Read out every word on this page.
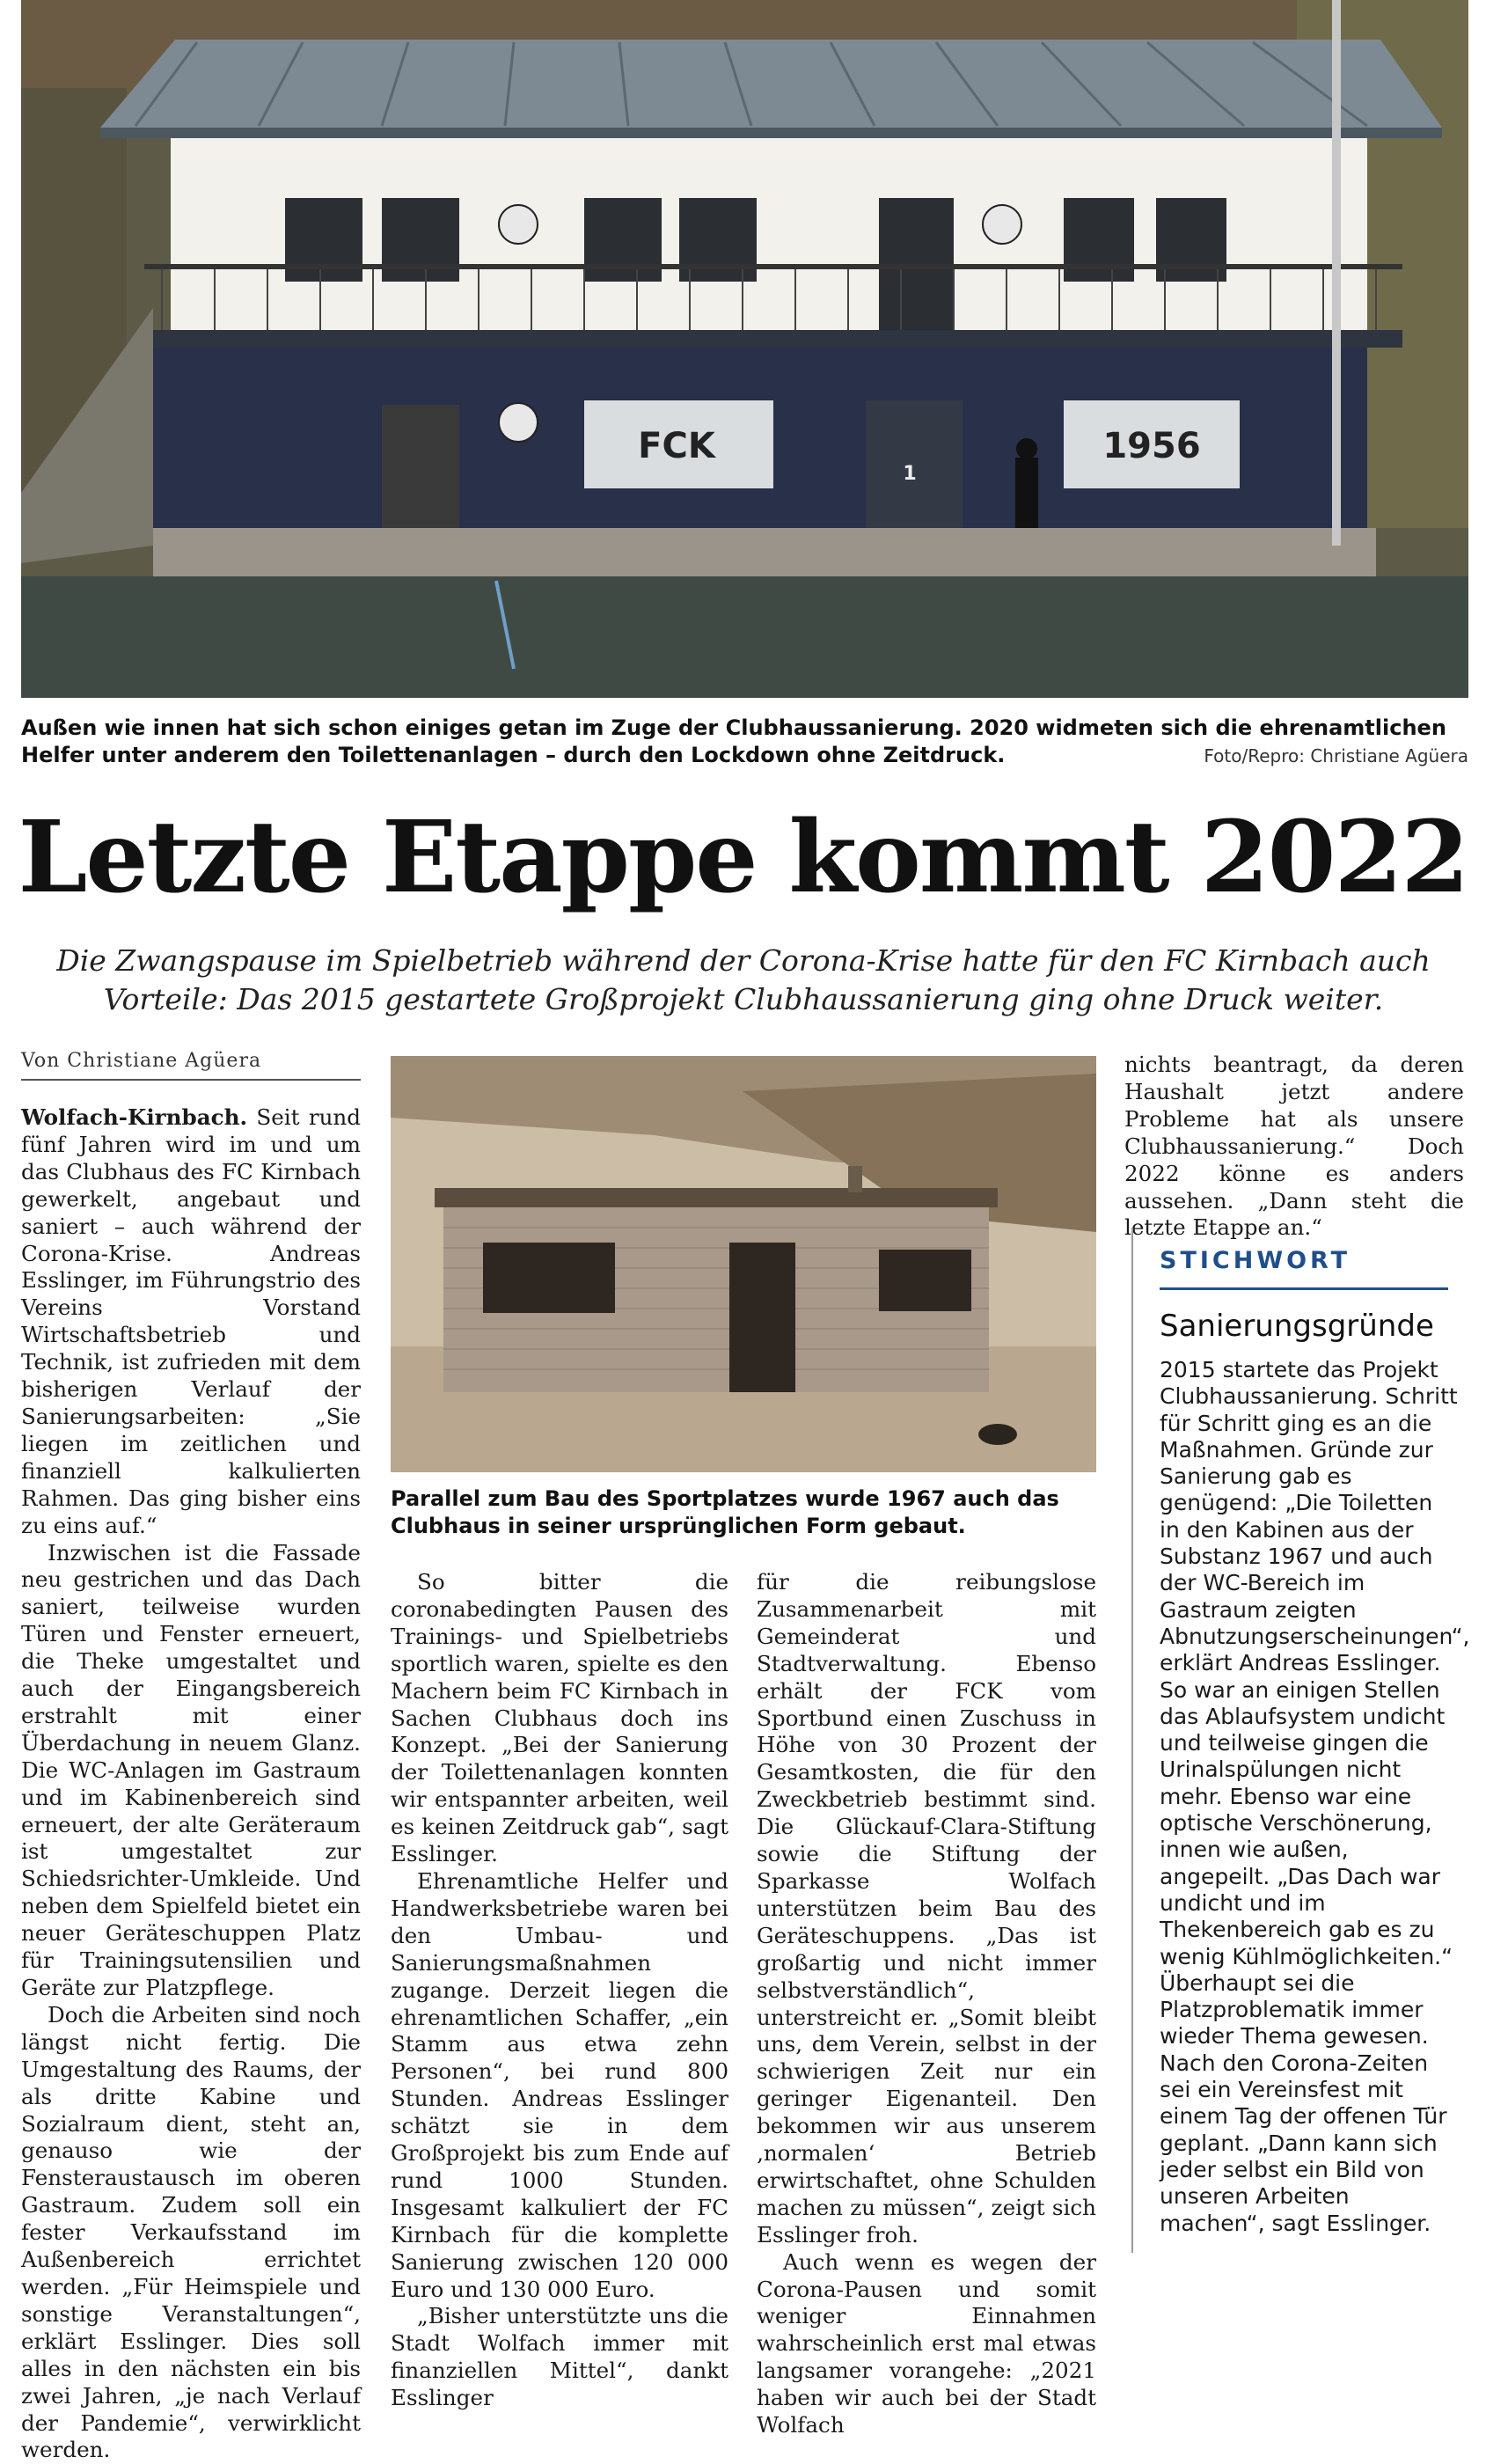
FCK	1956
1
Außen wie innen hat sich schon einiges getan im Zuge der Clubhaussanierung. 2020 widmeten sich die ehrenamtlichen Helfer unter anderem den Toilettenanlagen – durch den Lockdown ohne Zeitdruck.	Foto/Repro: Christiane Agüera
Letzte Etappe kommt 2022

Die Zwangspause im Spielbetrieb während der Corona-Krise hatte für den FC Kirnbach auch Vorteile: Das 2015 gestartete Großprojekt Clubhaussanierung ging ohne Druck weiter.

Von Christiane Agüera

Wolfach-Kirnbach. Seit rund fünf Jahren wird im und um das Clubhaus des FC Kirnbach gewerkelt, angebaut und saniert – auch während der Corona-Krise. Andreas Esslinger, im Führungstrio des Vereins Vorstand Wirtschaftsbetrieb und Technik, ist zufrieden mit dem bisherigen Verlauf der Sanierungsarbeiten: „Sie liegen im zeitlichen und finanziell kalkulierten Rahmen. Das ging bisher eins zu eins auf.“

Inzwischen ist die Fassade neu gestrichen und das Dach saniert, teilweise wurden Türen und Fenster erneuert, die Theke umgestaltet und auch der Eingangsbereich erstrahlt mit einer Überdachung in neuem Glanz. Die WC-Anlagen im Gastraum und im Kabinenbereich sind erneuert, der alte Geräteraum ist umgestaltet zur Schiedsrichter-Umkleide. Und neben dem Spielfeld bietet ein neuer Geräteschuppen Platz für Trainingsutensilien und Geräte zur Platzpflege.

Doch die Arbeiten sind noch längst nicht fertig. Die Umgestaltung des Raums, der als dritte Kabine und Sozialraum dient, steht an, genauso wie der Fensteraustausch im oberen Gastraum. Zudem soll ein fester Verkaufsstand im Außenbereich errichtet werden. „Für Heimspiele und sonstige Veranstaltungen“, erklärt Esslinger. Dies soll alles in den nächsten ein bis zwei Jahren, „je nach Verlauf der Pandemie“, verwirklicht werden.

Parallel zum Bau des Sportplatzes wurde 1967 auch das Clubhaus in seiner ursprünglichen Form gebaut.

So bitter die coronabedingten Pausen des Trainings- und Spielbetriebs sportlich waren, spielte es den Machern beim FC Kirnbach in Sachen Clubhaus doch ins Konzept. „Bei der Sanierung der Toilettenanlagen konnten wir entspannter arbeiten, weil es keinen Zeitdruck gab“, sagt Esslinger.

Ehrenamtliche Helfer und Handwerksbetriebe waren bei den Umbau- und Sanierungsmaßnahmen zugange. Derzeit liegen die ehrenamtlichen Schaffer, „ein Stamm aus etwa zehn Personen“, bei rund 800 Stunden. Andreas Esslinger schätzt sie in dem Großprojekt bis zum Ende auf rund 1000 Stunden. Insgesamt kalkuliert der FC Kirnbach für die komplette Sanierung zwischen 120 000 Euro und 130 000 Euro.

„Bisher unterstützte uns die Stadt Wolfach immer mit finanziellen Mittel“, dankt Esslinger

für die reibungslose Zusammenarbeit mit Gemeinderat und Stadtverwaltung. Ebenso erhält der FCK vom Sportbund einen Zuschuss in Höhe von 30 Prozent der Gesamtkosten, die für den Zweckbetrieb bestimmt sind. Die Glückauf-Clara-Stiftung sowie die Stiftung der Sparkasse Wolfach unterstützen beim Bau des Geräteschuppens. „Das ist großartig und nicht immer selbstverständlich“, unterstreicht er. „Somit bleibt uns, dem Verein, selbst in der schwierigen Zeit nur ein geringer Eigenanteil. Den bekommen wir aus unserem ‚normalen‘ Betrieb erwirtschaftet, ohne Schulden machen zu müssen“, zeigt sich Esslinger froh.

Auch wenn es wegen der Corona-Pausen und somit weniger Einnahmen wahrscheinlich erst mal etwas langsamer vorangehe: „2021 haben wir auch bei der Stadt Wolfach

nichts beantragt, da deren Haushalt jetzt andere Probleme hat als unsere Clubhaussanierung.“ Doch 2022 könne es anders aussehen. „Dann steht die letzte Etappe an.“

STICHWORT
Sanierungsgründe
2015 startete das Projekt Clubhaussanierung. Schritt für Schritt ging es an die Maßnahmen. Gründe zur Sanierung gab es genügend: „Die Toiletten in den Kabinen aus der Substanz 1967 und auch der WC-Bereich im Gastraum zeigten Abnutzungserscheinungen“, erklärt Andreas Esslinger. So war an einigen Stellen das Ablaufsystem undicht und teilweise gingen die Urinalspülungen nicht mehr. Ebenso war eine optische Verschönerung, innen wie außen, angepeilt. „Das Dach war undicht und im Thekenbereich gab es zu wenig Kühlmöglichkeiten.“ Überhaupt sei die Platzproblematik immer wieder Thema gewesen. Nach den Corona-Zeiten sei ein Vereinsfest mit einem Tag der offenen Tür geplant. „Dann kann sich jeder selbst ein Bild von unseren Arbeiten machen“, sagt Esslinger.
